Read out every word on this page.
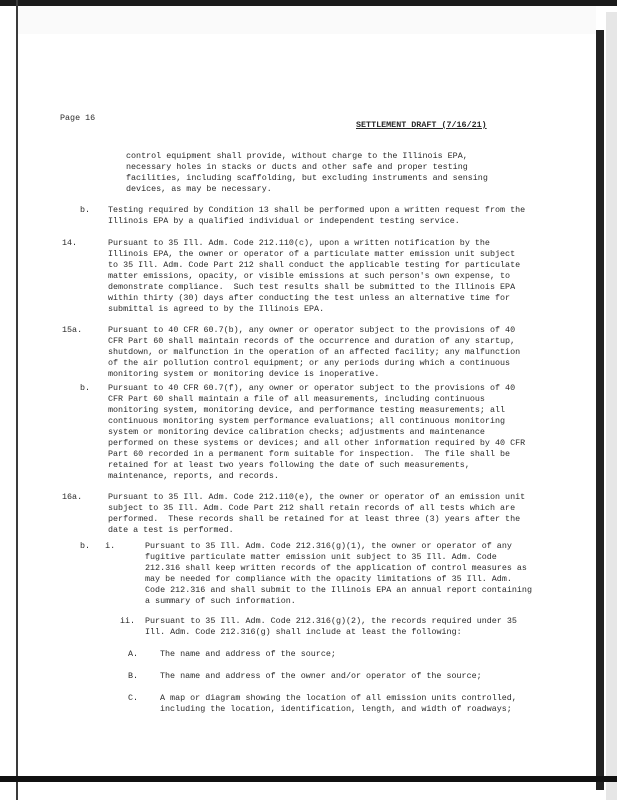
Page 16
SETTLEMENT DRAFT (7/16/21)
control equipment shall provide, without charge to the Illinois EPA,
necessary holes in stacks or ducts and other safe and proper testing
facilities, including scaffolding, but excluding instruments and sensing
devices, as may be necessary.
b. Testing required by Condition 13 shall be performed upon a written request from the
Illinois EPA by a qualified individual or independent testing service.
14.	Pursuant to 35 Ill. Adm. Code 212.110(c), upon a written notification by the
Illinois EPA, the owner or operator of a particulate matter emission unit subject
to 35 Ill. Adm. Code Part 212 shall conduct the applicable testing for particulate
matter emissions, opacity, or visible emissions at such person's own expense, to
demonstrate compliance.  Such test results shall be submitted to the Illinois EPA
within thirty (30) days after conducting the test unless an alternative time for
submittal is agreed to by the Illinois EPA.
15a.	Pursuant to 40 CFR 60.7(b), any owner or operator subject to the provisions of 40
CFR Part 60 shall maintain records of the occurrence and duration of any startup,
shutdown, or malfunction in the operation of an affected facility; any malfunction
of the air pollution control equipment; or any periods during which a continuous
monitoring system or monitoring device is inoperative.
b. Pursuant to 40 CFR 60.7(f), any owner or operator subject to the provisions of 40
CFR Part 60 shall maintain a file of all measurements, including continuous
monitoring system, monitoring device, and performance testing measurements; all
continuous monitoring system performance evaluations; all continuous monitoring
system or monitoring device calibration checks; adjustments and maintenance
performed on these systems or devices; and all other information required by 40 CFR
Part 60 recorded in a permanent form suitable for inspection.  The file shall be
retained for at least two years following the date of such measurements,
maintenance, reports, and records.
16a.	Pursuant to 35 Ill. Adm. Code 212.110(e), the owner or operator of an emission unit
subject to 35 Ill. Adm. Code Part 212 shall retain records of all tests which are
performed.  These records shall be retained for at least three (3) years after the
date a test is performed.
b.   i.	Pursuant to 35 Ill. Adm. Code 212.316(g)(1), the owner or operator of any
fugitive particulate matter emission unit subject to 35 Ill. Adm. Code
212.316 shall keep written records of the application of control measures as
may be needed for compliance with the opacity limitations of 35 Ill. Adm.
Code 212.316 and shall submit to the Illinois EPA an annual report containing
a summary of such information.
ii. Pursuant to 35 Ill. Adm. Code 212.316(g)(2), the records required under 35
Ill. Adm. Code 212.316(g) shall include at least the following:
A.	The name and address of the source;
B.	The name and address of the owner and/or operator of the source;
C.	A map or diagram showing the location of all emission units controlled,
including the location, identification, length, and width of roadways;
